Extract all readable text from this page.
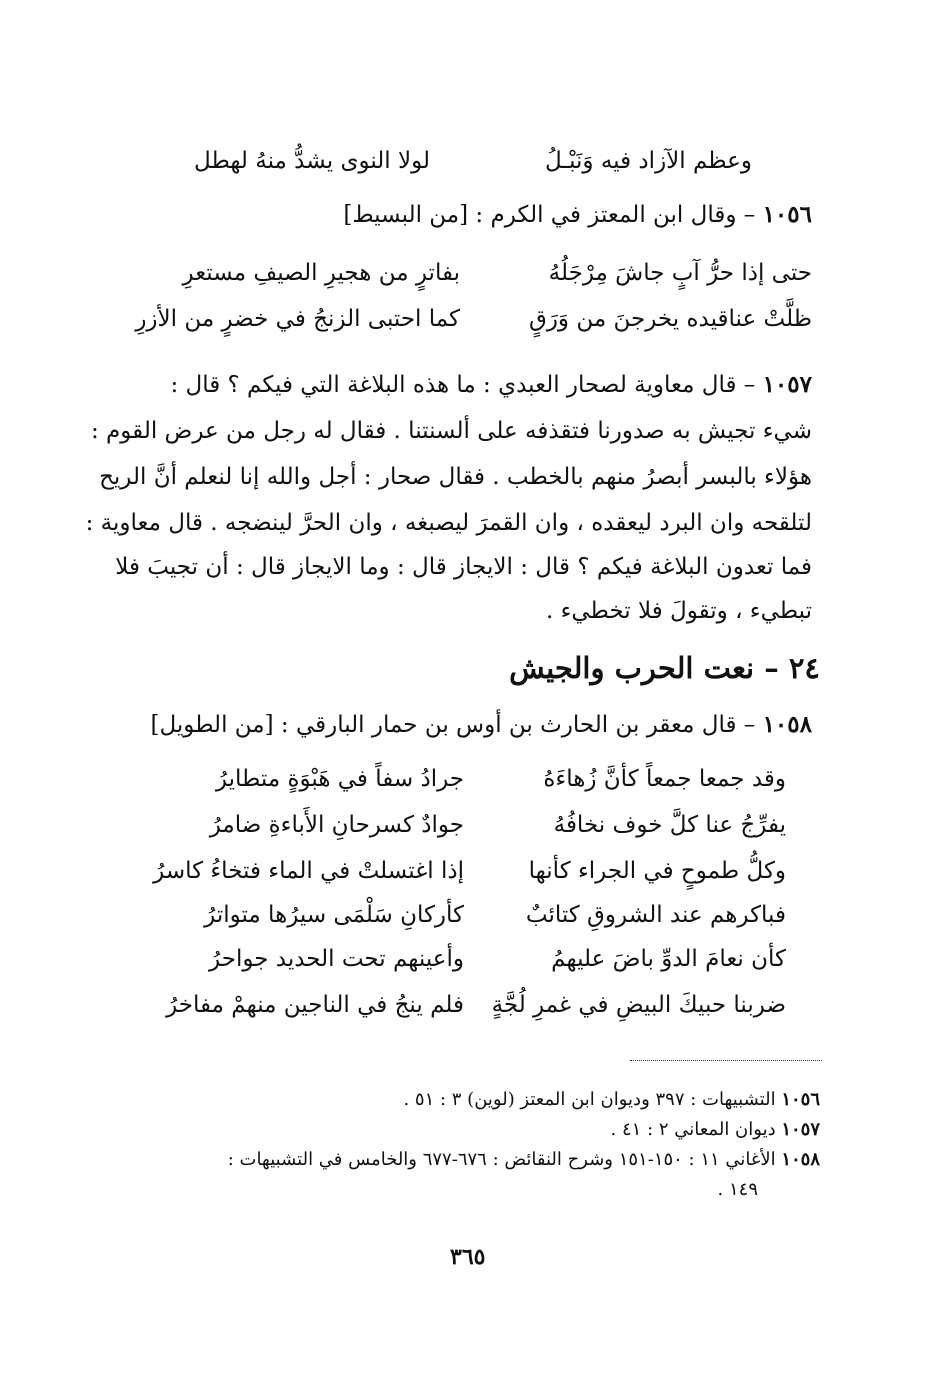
وعظم الآزاد فيه وَنَبْـلُ
لولا النوى يشدُّ منهُ لهطل
١٠٥٦ – وقال ابن المعتز في الكرم : [من البسيط]
حتى إذا حرُّ آبٍ جاشَ مِرْجَلُهُ
بفاترٍ من هجيرِ الصيفِ مستعرِ
ظلَّتْ عناقيده يخرجنَ من وَرَقٍ
كما احتبى الزنجُ في خضرٍ من الأزرِ
١٠٥٧ – قال معاوية لصحار العبدي : ما هذه البلاغة التي فيكم ؟ قال :
شيء تجيش به صدورنا فتقذفه على ألسنتنا . فقال له رجل من عرض القوم :
هؤلاء بالبسر أبصرُ منهم بالخطب . فقال صحار : أجل والله إنا لنعلم أنَّ الريح
لتلقحه وان البرد ليعقده ، وان القمرَ ليصبغه ، وان الحرَّ لينضجه . قال معاوية :
فما تعدون البلاغة فيكم ؟ قال : الايجاز قال : وما الايجاز قال : أن تجيبَ فلا
تبطيء ، وتقولَ فلا تخطيء .
٢٤ – نعت الحرب والجيش
١٠٥٨ – قال معقر بن الحارث بن أوس بن حمار البارقي : [من الطويل]
وقد جمعا جمعاً كأنَّ زُهاءَهُ
جرادُ سفاً في هَبْوَةٍ متطايرُ
يفرِّجُ عنا كلَّ خوف نخافُهُ
جوادٌ كسرحانِ الأَباءةِ ضامرُ
وكلُّ طموحٍ في الجراء كأنها
إذا اغتسلتْ في الماء فتخاءُ كاسرُ
فباكرهم عند الشروقِ كتائبٌ
كأركانِ سَلْمَى سيرُها متواترُ
كأن نعامَ الدوِّ باضَ عليهمُ
وأعينهم تحت الحديد جواحرُ
ضربنا حبيكَ البيضِ في غمرِ لُجَّةٍ
فلم ينجُ في الناجين منهمْ مفاخرُ
١٠٥٦ التشبيهات : ٣٩٧ وديوان ابن المعتز (لوين) ٣ : ٥١ .
١٠٥٧ ديوان المعاني ٢ : ٤١ .
١٠٥٨ الأغاني ١١ : ١٥٠-١٥١ وشرح النقائض : ٦٧٦-٦٧٧ والخامس في التشبيهات :
١٤٩ .
٣٦٥
